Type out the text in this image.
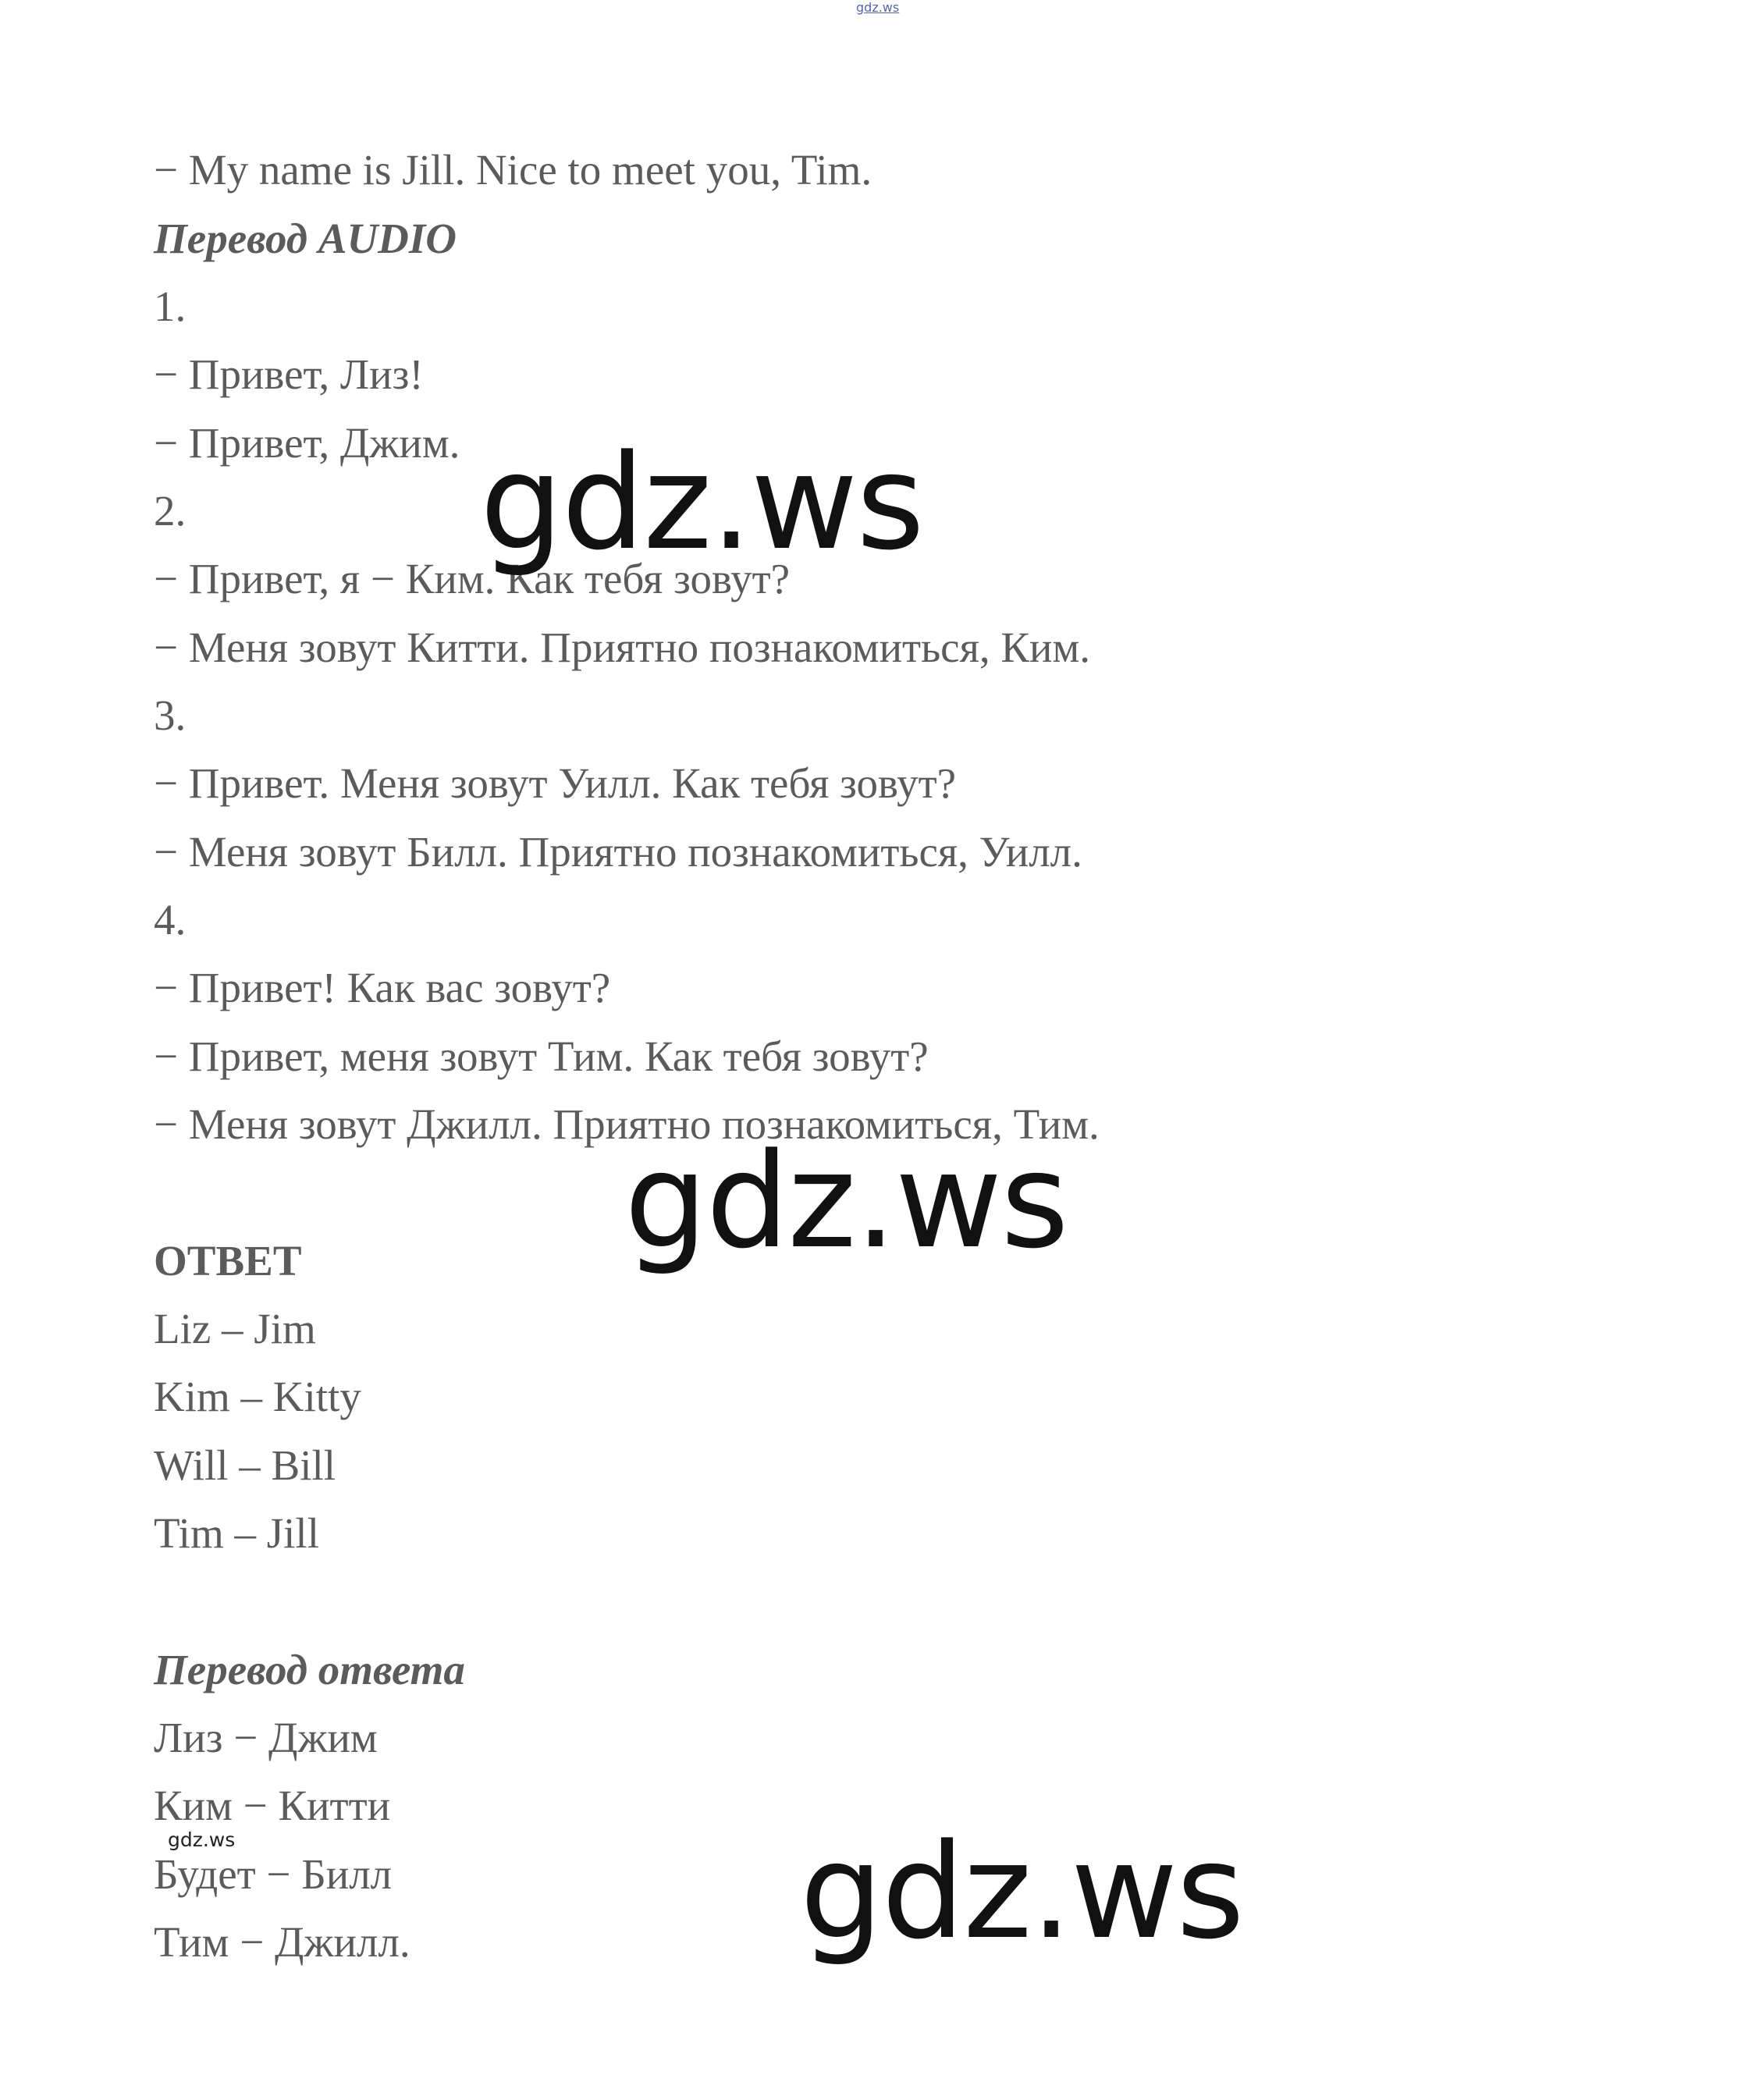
gdz.ws
− My name is Jill. Nice to meet you, Tim.
Перевод AUDIO
1.
− Привет, Лиз!
− Привет, Джим.
2.
− Привет, я − Ким. Как тебя зовут?
− Меня зовут Китти. Приятно познакомиться, Ким.
3.
− Привет. Меня зовут Уилл. Как тебя зовут?
− Меня зовут Билл. Приятно познакомиться, Уилл.
4.
− Привет! Как вас зовут?
− Привет, меня зовут Тим. Как тебя зовут?
− Меня зовут Джилл. Приятно познакомиться, Тим.
ОТВЕТ
Liz – Jim
Kim – Kitty
Will – Bill
Tim – Jill
Перевод ответа
Лиз − Джим
Ким − Китти
Будет − Билл
Тим − Джилл.
gdz.ws
gdz.ws
gdz.ws
gdz.ws
